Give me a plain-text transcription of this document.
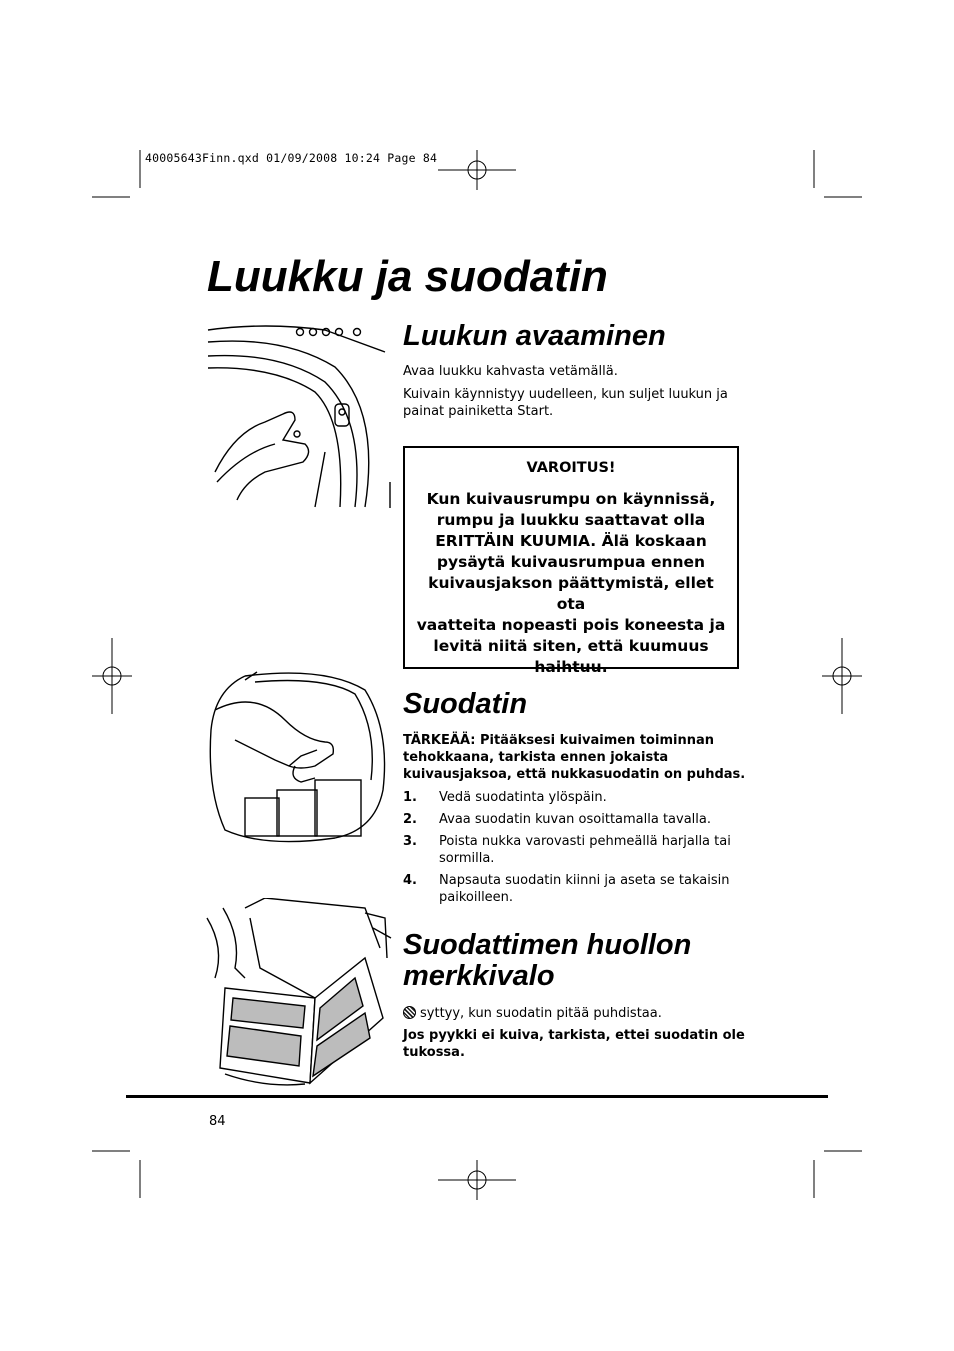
40005643Finn.qxd 01/09/2008 10:24 Page 84
Luukku ja suodatin
Luukun avaaminen

Avaa luukku kahvasta vetämällä.

Kuivain käynnistyy uudelleen, kun suljet luukun ja

painat painiketta Start.

VAROITUS!
Kun kuivausrumpu on käynnissä,
rumpu ja luukku saattavat olla
ERITTÄIN KUUMIA. Älä koskaan
pysäytä kuivausrumpua ennen
kuivausjakson päättymistä, ellet ota
vaatteita nopeasti pois koneesta ja
levitä niitä siten, että kuumuus
haihtuu.
Suodatin

TÄRKEÄÄ: Pitääksesi kuivaimen toiminnan

tehokkaana, tarkista ennen jokaista

kuivausjaksoa, että nukkasuodatin on puhdas.

1.	Vedä suodatinta ylöspäin.
2.	Avaa suodatin kuvan osoittamalla tavalla.
3.	Poista nukka varovasti pehmeällä harjalla tai sormilla.
4.	Napsauta suodatin kiinni ja aseta se takaisin paikoilleen.
Suodattimen huollon
merkkivalo

syttyy, kun suodatin pitää puhdistaa.

Jos pyykki ei kuiva, tarkista, ettei suodatin ole

tukossa.

84
